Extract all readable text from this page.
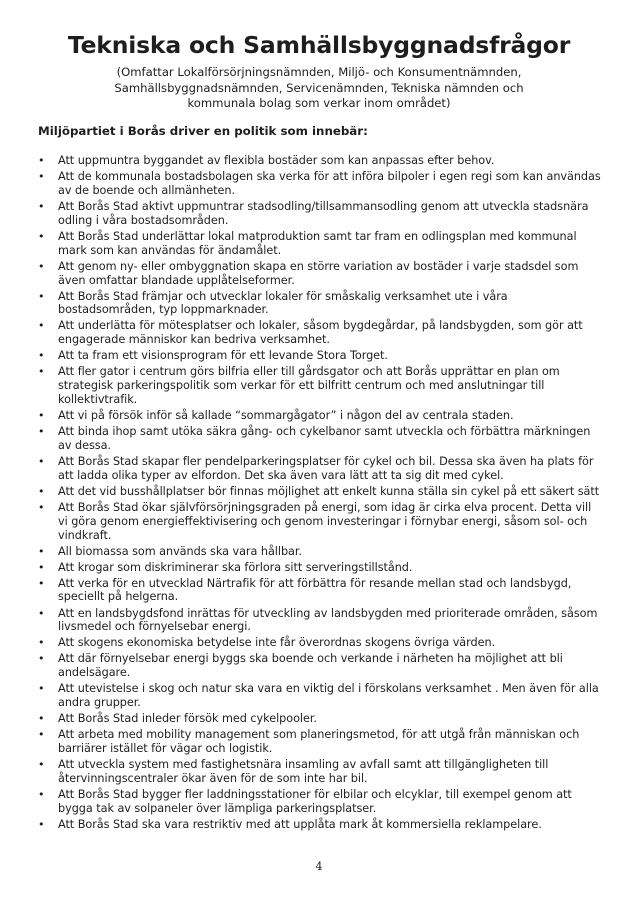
Tekniska och Samhällsbyggnadsfrågor
(Omfattar Lokalförsörjningsnämnden, Miljö- och Konsumentnämnden, Samhällsbyggnadsnämnden, Servicenämnden, Tekniska nämnden och kommunala bolag som verkar inom området)
Miljöpartiet i Borås driver en politik som innebär:
•	Att uppmuntra byggandet av flexibla bostäder som kan anpassas efter behov.
•	Att de kommunala bostadsbolagen ska verka för att införa bilpoler i egen regi som kan användas av de boende och allmänheten.
•	Att Borås Stad aktivt uppmuntrar stadsodling/tillsammansodling genom att utveckla stadsnära odling i våra bostadsområden.
•	Att Borås Stad underlättar lokal matproduktion samt tar fram en odlingsplan med kommunal mark som kan användas för ändamålet.
•	Att genom ny- eller ombyggnation skapa en större variation av bostäder i varje stadsdel som även omfattar blandade upplåtelseformer.
•	Att Borås Stad främjar och utvecklar lokaler för småskalig verksamhet ute i våra bostadsområden, typ loppmarknader.
•	Att underlätta för mötesplatser och lokaler, såsom bygdegårdar, på landsbygden, som gör att engagerade människor kan bedriva verksamhet.
•	Att ta fram ett visionsprogram för ett levande Stora Torget.
•	Att fler gator i centrum görs bilfria eller till gårdsgator och att Borås upprättar en plan om strategisk parkeringspolitik som verkar för ett bilfritt centrum och med anslutningar till kollektivtrafik.
•	Att vi på försök inför så kallade “sommargågator” i någon del av centrala staden.
•	Att binda ihop samt utöka säkra gång- och cykelbanor samt utveckla och förbättra märkningen av dessa.
•	Att Borås Stad skapar fler pendelparkeringsplatser för cykel och bil. Dessa ska även ha plats för att ladda olika typer av elfordon. Det ska även vara lätt att ta sig dit med cykel.
•	Att det vid busshållplatser bör finnas möjlighet att enkelt kunna ställa sin cykel på ett säkert sätt
•	Att Borås Stad ökar självförsörjningsgraden på energi, som idag är cirka elva procent. Detta vill vi göra genom energieffektivisering och genom investeringar i förnybar energi, såsom sol- och vindkraft.
•	All biomassa som används ska vara hållbar.
•	Att krogar som diskriminerar ska förlora sitt serveringstillstånd.
•	Att verka för en utvecklad Närtrafik för att förbättra för resande mellan stad och landsbygd, speciellt på helgerna.
•	Att en landsbygdsfond inrättas för utveckling av landsbygden med prioriterade områden, såsom livsmedel och förnyelsebar energi.
•	Att skogens ekonomiska betydelse inte får överordnas skogens övriga värden.
•	Att där förnyelsebar energi byggs ska boende och verkande i närheten ha möjlighet att bli andelsägare.
•	Att utevistelse i skog och natur ska vara en viktig del i förskolans verksamhet . Men även för alla andra grupper.
•	Att Borås Stad inleder försök med cykelpooler.
•	Att arbeta med mobility management som planeringsmetod, för att utgå från människan och barriärer istället för vägar och logistik.
•	Att utveckla system med fastighetsnära insamling av avfall samt att tillgängligheten till återvinningscentraler ökar även för de som inte har bil.
•	Att Borås Stad bygger fler laddningsstationer för elbilar och elcyklar, till exempel genom att bygga tak av solpaneler över lämpliga parkeringsplatser.
•	Att Borås Stad ska vara restriktiv med att upplåta mark åt kommersiella reklampelare.
4
